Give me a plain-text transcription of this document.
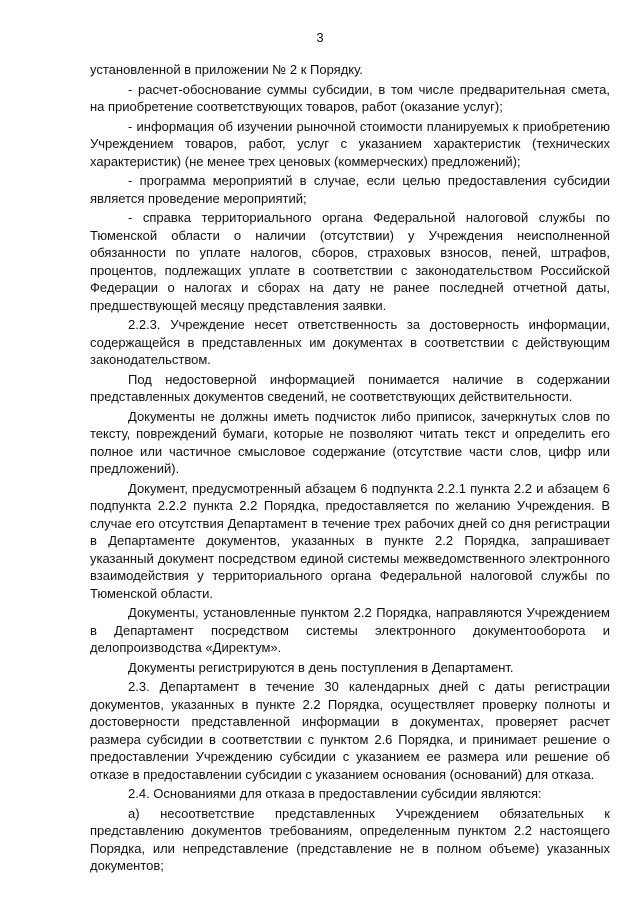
3

установленной в приложении № 2 к Порядку.

- расчет-обоснование суммы субсидии, в том числе предварительная смета, на приобретение соответствующих товаров, работ (оказание услуг);

- информация об изучении рыночной стоимости планируемых к приобретению Учреждением товаров, работ, услуг с указанием характеристик (технических характеристик) (не менее трех ценовых (коммерческих) предложений);

- программа мероприятий в случае, если целью предоставления субсидии является проведение мероприятий;

- справка территориального органа Федеральной налоговой службы по Тюменской области о наличии (отсутствии) у Учреждения неисполненной обязанности по уплате налогов, сборов, страховых взносов, пеней, штрафов, процентов, подлежащих уплате в соответствии с законодательством Российской Федерации о налогах и сборах на дату не ранее последней отчетной даты, предшествующей месяцу представления заявки.

2.2.3. Учреждение несет ответственность за достоверность информации, содержащейся в представленных им документах в соответствии с действующим законодательством.

Под недостоверной информацией понимается наличие в содержании представленных документов сведений, не соответствующих действительности.

Документы не должны иметь подчисток либо приписок, зачеркнутых слов по тексту, повреждений бумаги, которые не позволяют читать текст и определить его полное или частичное смысловое содержание (отсутствие части слов, цифр или предложений).

Документ, предусмотренный абзацем 6 подпункта 2.2.1 пункта 2.2 и абзацем 6 подпункта 2.2.2 пункта 2.2 Порядка, предоставляется по желанию Учреждения. В случае его отсутствия Департамент в течение трех рабочих дней со дня регистрации в Департаменте документов, указанных в пункте 2.2 Порядка, запрашивает указанный документ посредством единой системы межведомственного электронного взаимодействия у территориального органа Федеральной налоговой службы по Тюменской области.

Документы, установленные пунктом 2.2 Порядка, направляются Учреждением в Департамент посредством системы электронного документооборота и делопроизводства «Директум».

Документы регистрируются в день поступления в Департамент.

2.3. Департамент в течение 30 календарных дней с даты регистрации документов, указанных в пункте 2.2 Порядка, осуществляет проверку полноты и достоверности представленной информации в документах, проверяет расчет размера субсидии в соответствии с пунктом 2.6 Порядка, и принимает решение о предоставлении Учреждению субсидии с указанием ее размера или решение об отказе в предоставлении субсидии с указанием основания (оснований) для отказа.

2.4. Основаниями для отказа в предоставлении субсидии являются:

а) несоответствие представленных Учреждением обязательных к представлению документов требованиям, определенным пунктом 2.2 настоящего Порядка, или непредставление (представление не в полном объеме) указанных документов;
